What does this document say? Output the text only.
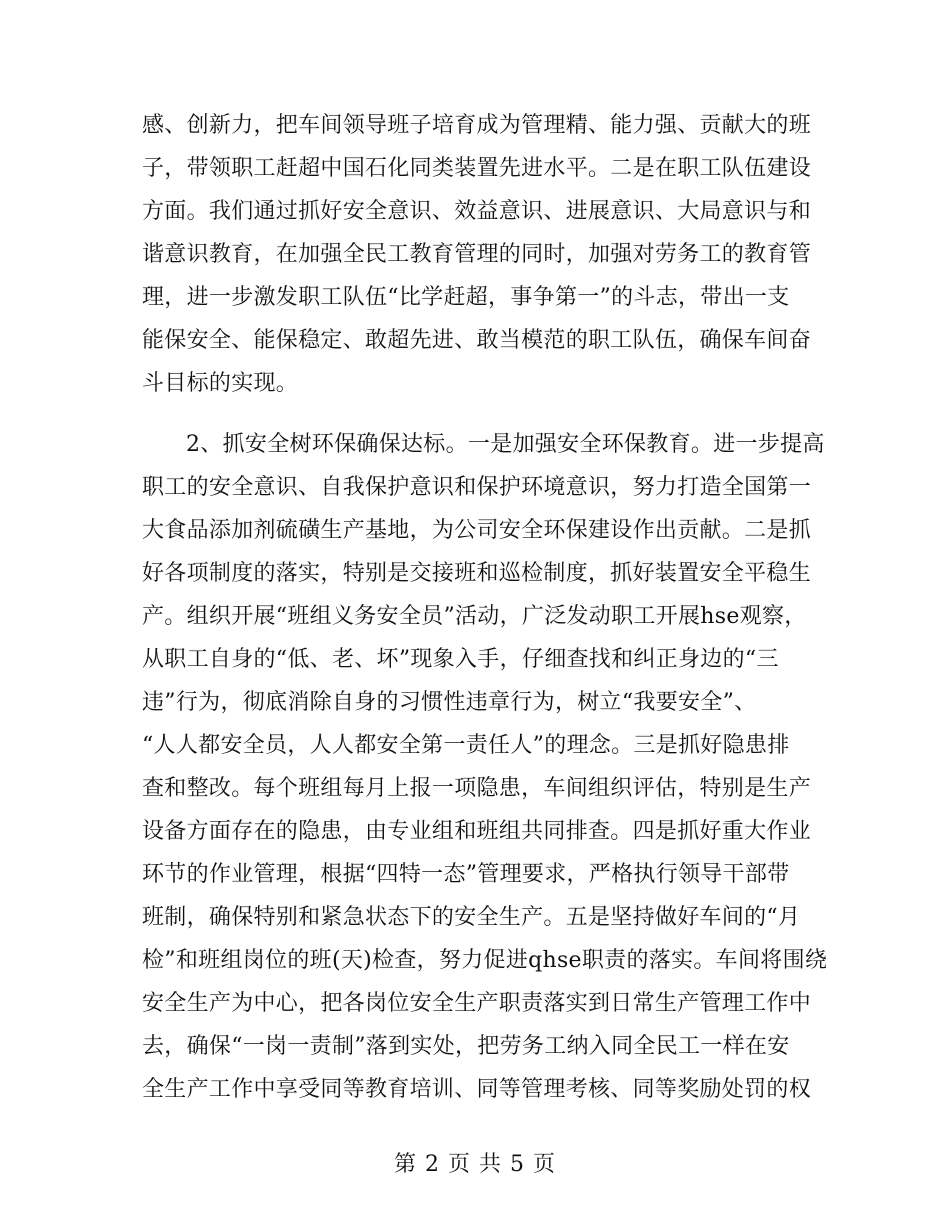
感、创新力，把车间领导班子培育成为管理精、能力强、贡献大的班
子，带领职工赶超中国石化同类装置先进水平。二是在职工队伍建设
方面。我们通过抓好安全意识、效益意识、进展意识、大局意识与和
谐意识教育，在加强全民工教育管理的同时，加强对劳务工的教育管
理，进一步激发职工队伍“比学赶超，事争第一”的斗志，带出一支
能保安全、能保稳定、敢超先进、敢当模范的职工队伍，确保车间奋
斗目标的实现。
2、抓安全树环保确保达标。一是加强安全环保教育。进一步提高
职工的安全意识、自我保护意识和保护环境意识，努力打造全国第一
大食品添加剂硫磺生产基地，为公司安全环保建设作出贡献。二是抓
好各项制度的落实，特别是交接班和巡检制度，抓好装置安全平稳生
产。组织开展“班组义务安全员”活动，广泛发动职工开展hse观察，
从职工自身的“低、老、坏”现象入手，仔细查找和纠正身边的“三
违”行为，彻底消除自身的习惯性违章行为，树立“我要安全”、
“人人都安全员，人人都安全第一责任人”的理念。三是抓好隐患排
查和整改。每个班组每月上报一项隐患，车间组织评估，特别是生产
设备方面存在的隐患，由专业组和班组共同排查。四是抓好重大作业
环节的作业管理，根据“四特一态”管理要求，严格执行领导干部带
班制，确保特别和紧急状态下的安全生产。五是坚持做好车间的“月
检”和班组岗位的班(天)检查，努力促进qhse职责的落实。车间将围绕
安全生产为中心，把各岗位安全生产职责落实到日常生产管理工作中
去，确保“一岗一责制”落到实处，把劳务工纳入同全民工一样在安
全生产工作中享受同等教育培训、同等管理考核、同等奖励处罚的权
第 2 页 共 5 页
